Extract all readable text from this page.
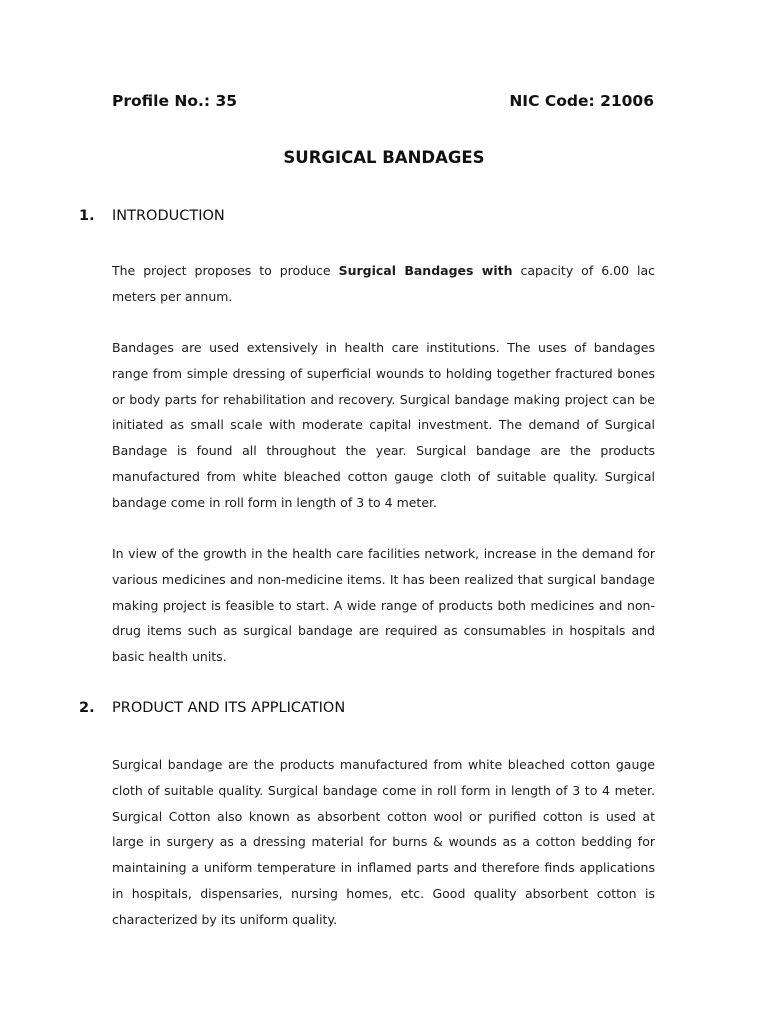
Profile No.: 35	NIC Code: 21006
SURGICAL BANDAGES
1.	INTRODUCTION

The project proposes to produce Surgical Bandages with capacity of 6.00 lac meters per annum.

Bandages are used extensively in health care institutions. The uses of bandages range from simple dressing of superficial wounds to holding together fractured bones or body parts for rehabilitation and recovery. Surgical bandage making project can be initiated as small scale with moderate capital investment. The demand of Surgical Bandage is found all throughout the year. Surgical bandage are the products manufactured from white bleached cotton gauge cloth of suitable quality. Surgical bandage come in roll form in length of 3 to 4 meter.

In view of the growth in the health care facilities network, increase in the demand for various medicines and non-medicine items. It has been realized that surgical bandage making project is feasible to start. A wide range of products both medicines and non-drug items such as surgical bandage are required as consumables in hospitals and basic health units.

2.	PRODUCT AND ITS APPLICATION

Surgical bandage are the products manufactured from white bleached cotton gauge cloth of suitable quality. Surgical bandage come in roll form in length of 3 to 4 meter. Surgical Cotton also known as absorbent cotton wool or purified cotton is used at large in surgery as a dressing material for burns & wounds as a cotton bedding for maintaining a uniform temperature in inflamed parts and therefore finds applications in hospitals, dispensaries, nursing homes, etc. Good quality absorbent cotton is characterized by its uniform quality.
